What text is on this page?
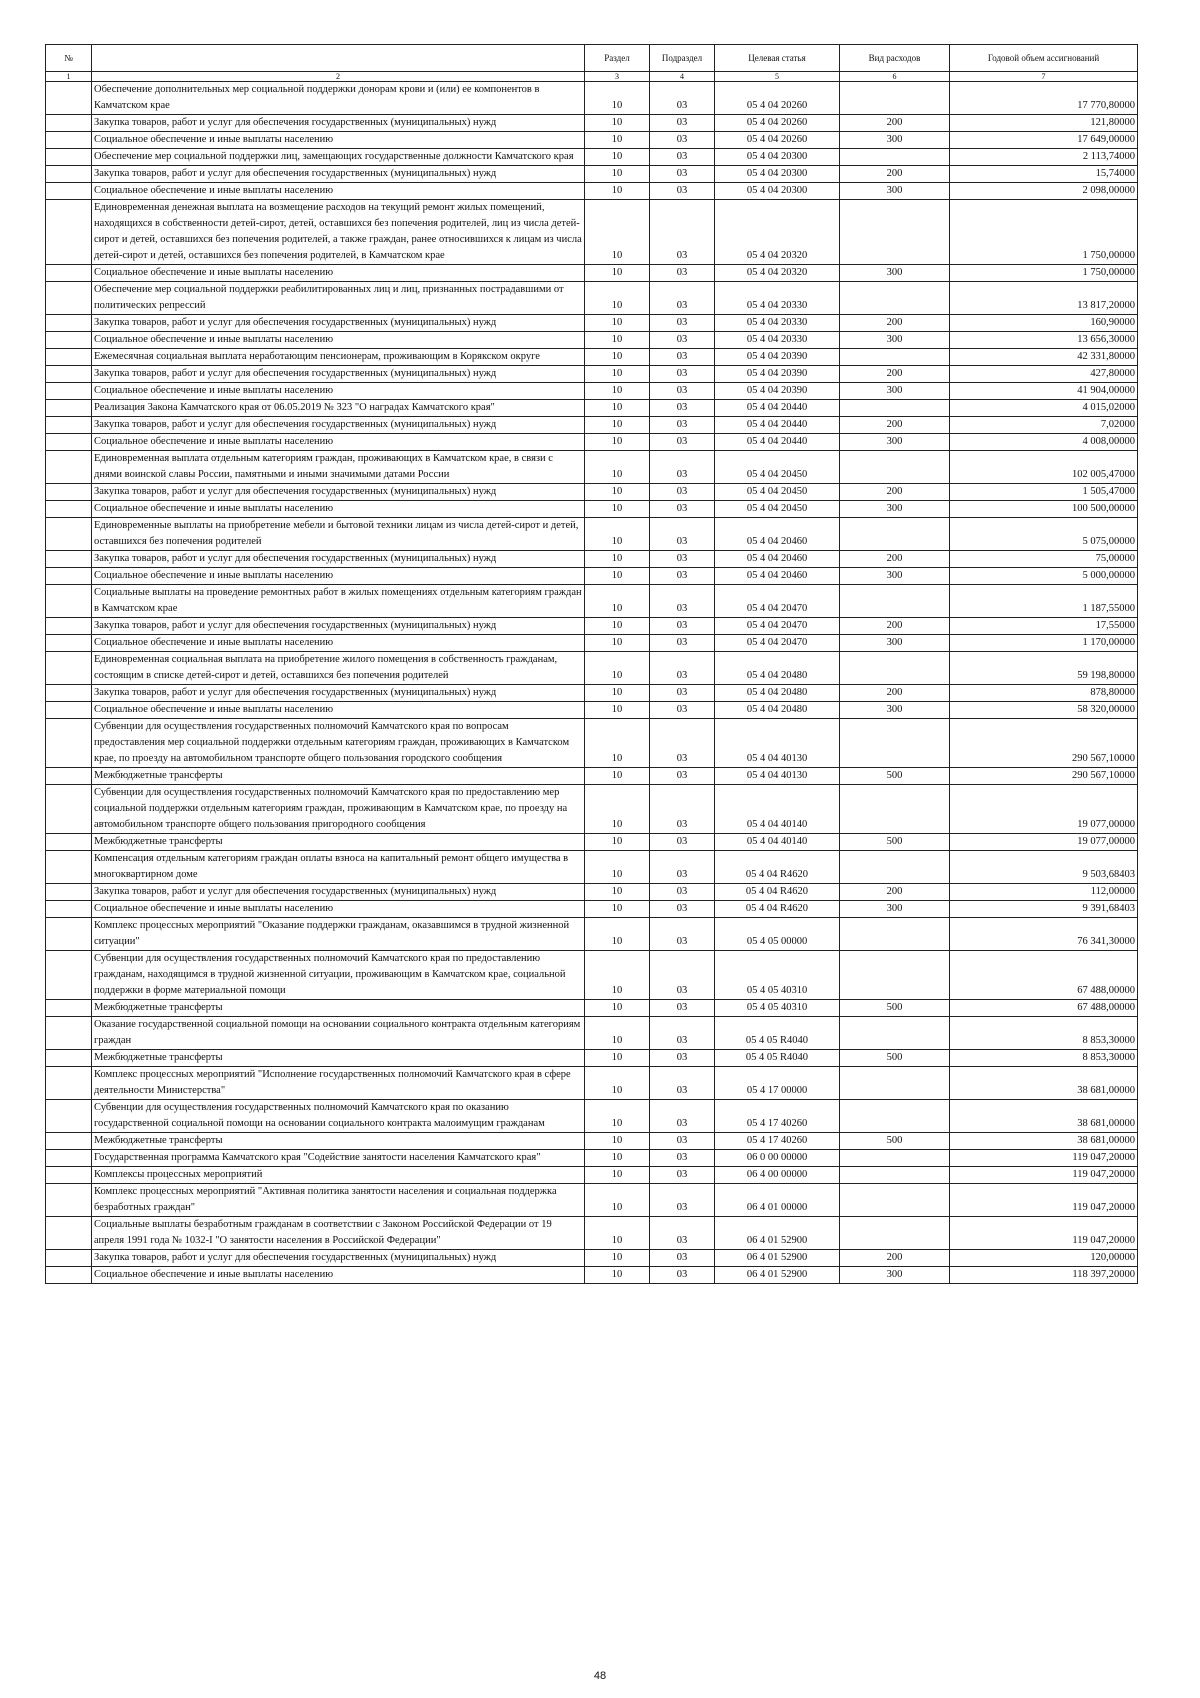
№		Раздел	Подраздел	Целевая статья	Вид расходов	Годовой объем ассигнований
1	2	3	4	5	6	7
	Обеспечение дополнительных мер социальной поддержки донорам крови и (или) ее компонентов в Камчатском крае	10	03	05 4 04 20260		17 770,80000
	Закупка товаров, работ и услуг для обеспечения государственных (муниципальных) нужд	10	03	05 4 04 20260	200	121,80000
	Социальное обеспечение и иные выплаты населению	10	03	05 4 04 20260	300	17 649,00000
	Обеспечение мер социальной поддержки лиц, замещающих государственные должности Камчатского края	10	03	05 4 04 20300		2 113,74000
	Закупка товаров, работ и услуг для обеспечения государственных (муниципальных) нужд	10	03	05 4 04 20300	200	15,74000
	Социальное обеспечение и иные выплаты населению	10	03	05 4 04 20300	300	2 098,00000
	Единовременная денежная выплата на возмещение расходов на текущий ремонт жилых помещений, находящихся в собственности детей-сирот, детей, оставшихся без попечения родителей, лиц из числа детей-сирот и детей, оставшихся без попечения родителей, а также граждан, ранее относившихся к лицам из числа детей-сирот и детей, оставшихся без попечения родителей, в Камчатском крае	10	03	05 4 04 20320		1 750,00000
	Социальное обеспечение и иные выплаты населению	10	03	05 4 04 20320	300	1 750,00000
	Обеспечение мер социальной поддержки реабилитированных лиц и лиц, признанных пострадавшими от политических репрессий	10	03	05 4 04 20330		13 817,20000
	Закупка товаров, работ и услуг для обеспечения государственных (муниципальных) нужд	10	03	05 4 04 20330	200	160,90000
	Социальное обеспечение и иные выплаты населению	10	03	05 4 04 20330	300	13 656,30000
	Ежемесячная социальная выплата неработающим пенсионерам, проживающим в Корякском округе	10	03	05 4 04 20390		42 331,80000
	Закупка товаров, работ и услуг для обеспечения государственных (муниципальных) нужд	10	03	05 4 04 20390	200	427,80000
	Социальное обеспечение и иные выплаты населению	10	03	05 4 04 20390	300	41 904,00000
	Реализация Закона Камчатского края от 06.05.2019 № 323 "О наградах Камчатского края"	10	03	05 4 04 20440		4 015,02000
	Закупка товаров, работ и услуг для обеспечения государственных (муниципальных) нужд	10	03	05 4 04 20440	200	7,02000
	Социальное обеспечение и иные выплаты населению	10	03	05 4 04 20440	300	4 008,00000
	Единовременная выплата отдельным категориям граждан, проживающих в Камчатском крае, в связи с днями воинской славы России, памятными и иными значимыми датами России	10	03	05 4 04 20450		102 005,47000
	Закупка товаров, работ и услуг для обеспечения государственных (муниципальных) нужд	10	03	05 4 04 20450	200	1 505,47000
	Социальное обеспечение и иные выплаты населению	10	03	05 4 04 20450	300	100 500,00000
	Единовременные выплаты на приобретение мебели и бытовой техники лицам из числа детей-сирот и детей, оставшихся без попечения родителей	10	03	05 4 04 20460		5 075,00000
	Закупка товаров, работ и услуг для обеспечения государственных (муниципальных) нужд	10	03	05 4 04 20460	200	75,00000
	Социальное обеспечение и иные выплаты населению	10	03	05 4 04 20460	300	5 000,00000
	Социальные выплаты на проведение ремонтных работ в жилых помещениях отдельным категориям граждан в Камчатском крае	10	03	05 4 04 20470		1 187,55000
	Закупка товаров, работ и услуг для обеспечения государственных (муниципальных) нужд	10	03	05 4 04 20470	200	17,55000
	Социальное обеспечение и иные выплаты населению	10	03	05 4 04 20470	300	1 170,00000
	Единовременная социальная выплата на приобретение жилого помещения в собственность гражданам, состоящим в списке детей-сирот и детей, оставшихся без попечения родителей	10	03	05 4 04 20480		59 198,80000
	Закупка товаров, работ и услуг для обеспечения государственных (муниципальных) нужд	10	03	05 4 04 20480	200	878,80000
	Социальное обеспечение и иные выплаты населению	10	03	05 4 04 20480	300	58 320,00000
	Субвенции для осуществления государственных полномочий Камчатского края по вопросам предоставления мер социальной поддержки отдельным категориям граждан, проживающих в Камчатском крае, по проезду на автомобильном транспорте общего пользования городского сообщения	10	03	05 4 04 40130		290 567,10000
	Межбюджетные трансферты	10	03	05 4 04 40130	500	290 567,10000
	Субвенции для осуществления государственных полномочий Камчатского края по предоставлению мер социальной поддержки отдельным категориям граждан, проживающим в Камчатском крае, по проезду на автомобильном транспорте общего пользования пригородного сообщения	10	03	05 4 04 40140		19 077,00000
	Межбюджетные трансферты	10	03	05 4 04 40140	500	19 077,00000
	Компенсация отдельным категориям граждан оплаты взноса на капитальный ремонт общего имущества в многоквартирном доме	10	03	05 4 04 R4620		9 503,68403
	Закупка товаров, работ и услуг для обеспечения государственных (муниципальных) нужд	10	03	05 4 04 R4620	200	112,00000
	Социальное обеспечение и иные выплаты населению	10	03	05 4 04 R4620	300	9 391,68403
	Комплекс процессных мероприятий "Оказание поддержки гражданам, оказавшимся в трудной жизненной ситуации"	10	03	05 4 05 00000		76 341,30000
	Субвенции для осуществления государственных полномочий Камчатского края по предоставлению гражданам, находящимся в трудной жизненной ситуации, проживающим в Камчатском крае, социальной поддержки в форме материальной помощи	10	03	05 4 05 40310		67 488,00000
	Межбюджетные трансферты	10	03	05 4 05 40310	500	67 488,00000
	Оказание государственной социальной помощи на основании социального контракта отдельным категориям граждан	10	03	05 4 05 R4040		8 853,30000
	Межбюджетные трансферты	10	03	05 4 05 R4040	500	8 853,30000
	Комплекс процессных мероприятий "Исполнение государственных полномочий Камчатского края в сфере деятельности Министерства"	10	03	05 4 17 00000		38 681,00000
	Субвенции для осуществления государственных полномочий Камчатского края по оказанию государственной социальной помощи на основании социального контракта малоимущим гражданам	10	03	05 4 17 40260		38 681,00000
	Межбюджетные трансферты	10	03	05 4 17 40260	500	38 681,00000
	Государственная программа Камчатского края "Содействие занятости населения Камчатского края"	10	03	06 0 00 00000		119 047,20000
	Комплексы процессных мероприятий	10	03	06 4 00 00000		119 047,20000
	Комплекс процессных мероприятий "Активная политика занятости населения и социальная поддержка безработных граждан"	10	03	06 4 01 00000		119 047,20000
	Социальные выплаты безработным гражданам в соответствии с Законом Российской Федерации от 19 апреля 1991 года № 1032-I "О занятости населения в Российской Федерации"	10	03	06 4 01 52900		119 047,20000
	Закупка товаров, работ и услуг для обеспечения государственных (муниципальных) нужд	10	03	06 4 01 52900	200	120,00000
	Социальное обеспечение и иные выплаты населению	10	03	06 4 01 52900	300	118 397,20000
48
